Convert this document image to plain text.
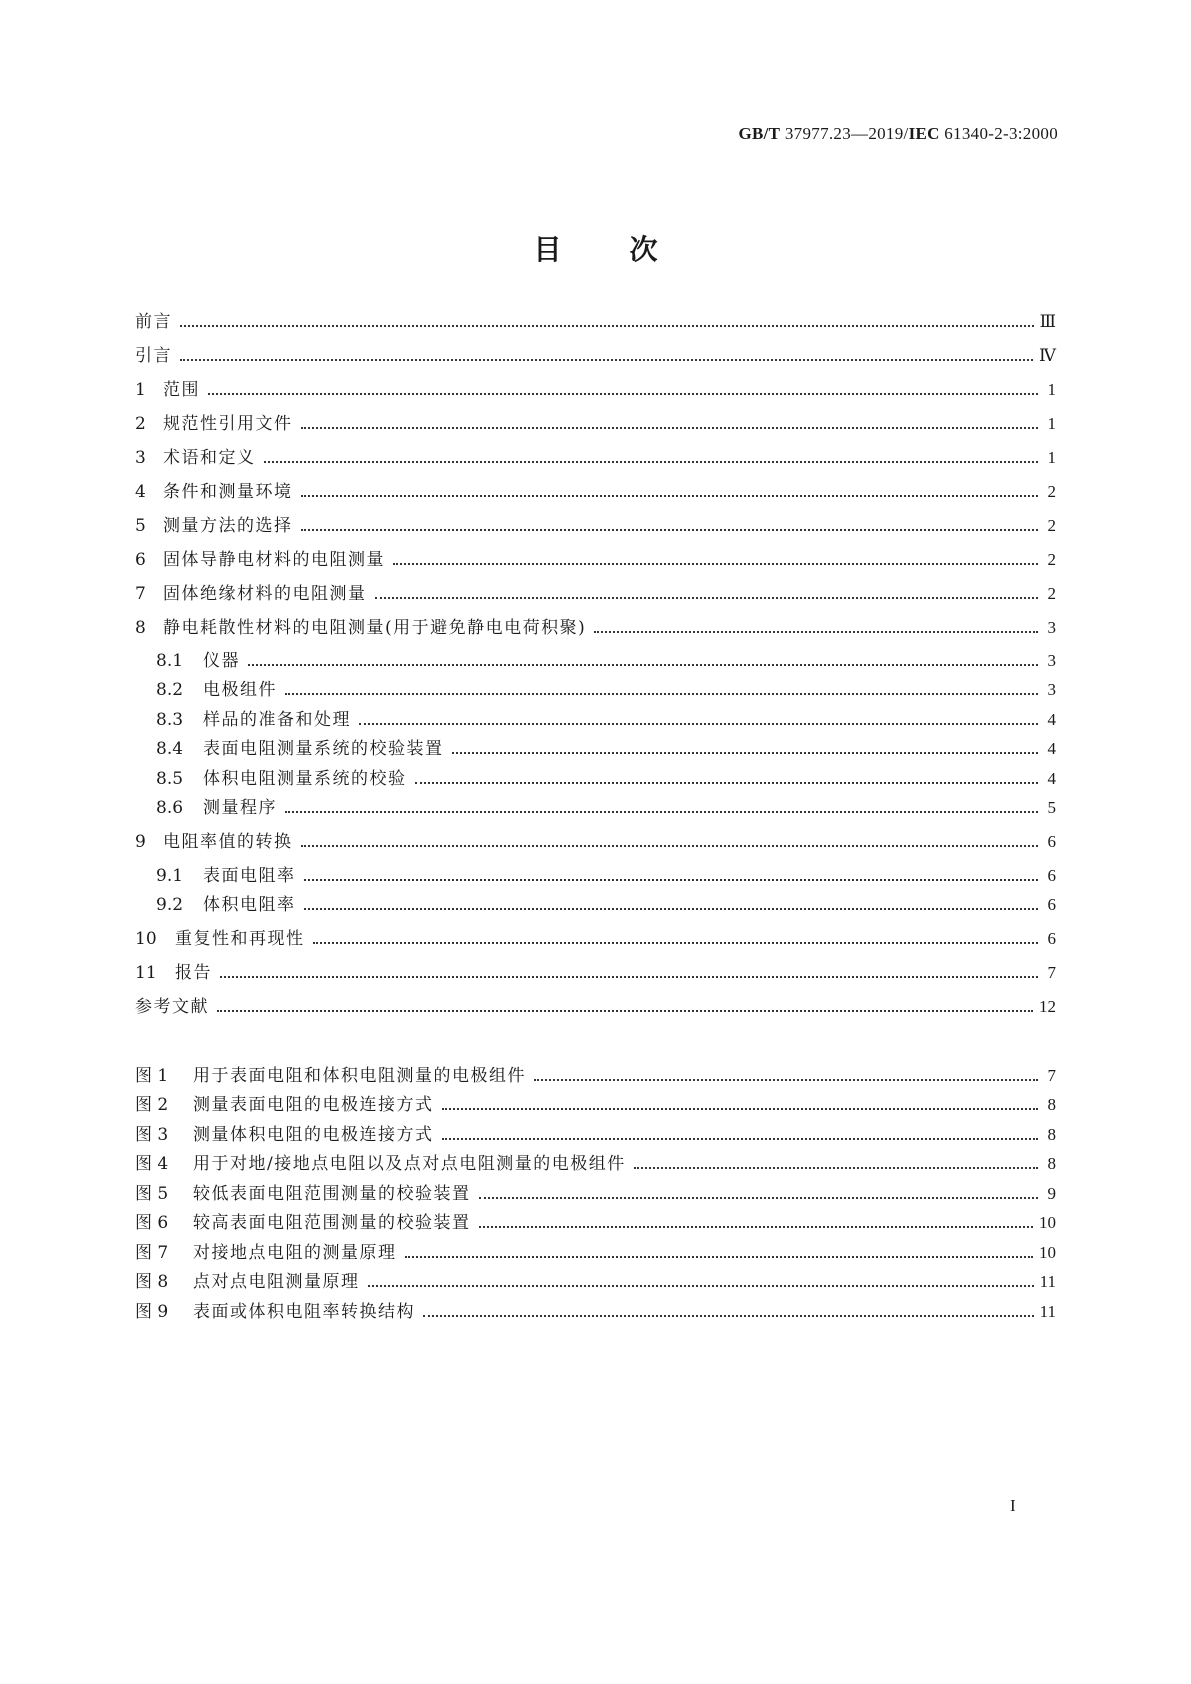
GB/T 37977.23—2019/IEC 61340-2-3:2000
目 次
前言	Ⅲ
引言	Ⅳ
1	范围	1
2	规范性引用文件	1
3	术语和定义	1
4	条件和测量环境	2
5	测量方法的选择	2
6	固体导静电材料的电阻测量	2
7	固体绝缘材料的电阻测量	2
8	静电耗散性材料的电阻测量(用于避免静电电荷积聚)	3
8.1	仪器	3
8.2	电极组件	3
8.3	样品的准备和处理	4
8.4	表面电阻测量系统的校验装置	4
8.5	体积电阻测量系统的校验	4
8.6	测量程序	5
9	电阻率值的转换	6
9.1	表面电阻率	6
9.2	体积电阻率	6
10	重复性和再现性	6
11	报告	7
参考文献	12
图 1	用于表面电阻和体积电阻测量的电极组件	7
图 2	测量表面电阻的电极连接方式	8
图 3	测量体积电阻的电极连接方式	8
图 4	用于对地/接地点电阻以及点对点电阻测量的电极组件	8
图 5	较低表面电阻范围测量的校验装置	9
图 6	较高表面电阻范围测量的校验装置	10
图 7	对接地点电阻的测量原理	10
图 8	点对点电阻测量原理	11
图 9	表面或体积电阻率转换结构	11
I
